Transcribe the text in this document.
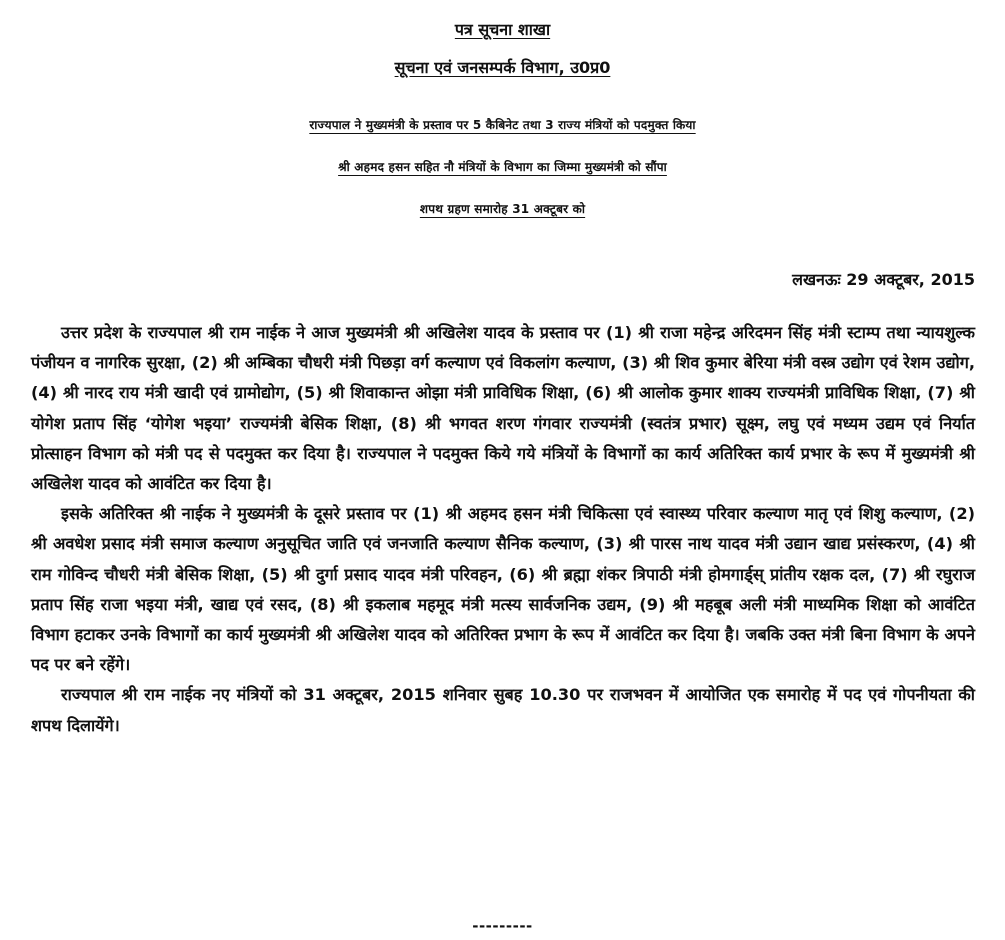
पत्र सूचना शाखा
सूचना एवं जनसम्पर्क विभाग, उ0प्र0
राज्यपाल ने मुख्यमंत्री के प्रस्ताव पर 5 कैबिनेट तथा 3 राज्य मंत्रियों को पदमुक्त किया
श्री अहमद हसन सहित नौ मंत्रियों के विभाग का जिम्मा मुख्यमंत्री को सौंपा
शपथ ग्रहण समारोह 31 अक्टूबर को
लखनऊः 29 अक्टूबर, 2015

उत्तर प्रदेश के राज्यपाल श्री राम नाईक ने आज मुख्यमंत्री श्री अखिलेश यादव के प्रस्ताव पर (1) श्री राजा महेन्द्र अरिदमन सिंह मंत्री स्टाम्प तथा न्यायशुल्क पंजीयन व नागरिक सुरक्षा, (2) श्री अम्बिका चौधरी मंत्री पिछड़ा वर्ग कल्याण एवं विकलांग कल्याण, (3) श्री शिव कुमार बेरिया मंत्री वस्त्र उद्योग एवं रेशम उद्योग, (4) श्री नारद राय मंत्री खादी एवं ग्रामोद्योग, (5) श्री शिवाकान्त ओझा मंत्री प्राविधिक शिक्षा, (6) श्री आलोक कुमार शाक्य राज्यमंत्री प्राविधिक शिक्षा, (7) श्री योगेश प्रताप सिंह ‘योगेश भइया’ राज्यमंत्री बेसिक शिक्षा, (8) श्री भगवत शरण गंगवार राज्यमंत्री (स्वतंत्र प्रभार) सूक्ष्म, लघु एवं मध्यम उद्यम एवं निर्यात प्रोत्साहन विभाग को मंत्री पद से पदमुक्त कर दिया है। राज्यपाल ने पदमुक्त किये गये मंत्रियों के विभागों का कार्य अतिरिक्त कार्य प्रभार के रूप में मुख्यमंत्री श्री अखिलेश यादव को आवंटित कर दिया है।

इसके अतिरिक्त श्री नाईक ने मुख्यमंत्री के दूसरे प्रस्ताव पर (1) श्री अहमद हसन मंत्री चिकित्सा एवं स्वास्थ्य परिवार कल्याण मातृ एवं शिशु कल्याण, (2) श्री अवधेश प्रसाद मंत्री समाज कल्याण अनुसूचित जाति एवं जनजाति कल्याण सैनिक कल्याण, (3) श्री पारस नाथ यादव मंत्री उद्यान खाद्य प्रसंस्करण, (4) श्री राम गोविन्द चौधरी मंत्री बेसिक शिक्षा, (5) श्री दुर्गा प्रसाद यादव मंत्री परिवहन, (6) श्री ब्रह्मा शंकर त्रिपाठी मंत्री होमगार्ड्स् प्रांतीय रक्षक दल, (7) श्री रघुराज प्रताप सिंह राजा भइया मंत्री, खाद्य एवं रसद, (8) श्री इकलाब महमूद मंत्री मत्स्य सार्वजनिक उद्यम, (9) श्री महबूब अली मंत्री माध्यमिक शिक्षा को आवंटित विभाग हटाकर उनके विभागों का कार्य मुख्यमंत्री श्री अखिलेश यादव को अतिरिक्त प्रभाग के रूप में आवंटित कर दिया है। जबकि उक्त मंत्री बिना विभाग के अपने पद पर बने रहेंगे।

राज्यपाल श्री राम नाईक नए मंत्रियों को 31 अक्टूबर, 2015 शनिवार सुबह 10.30 पर राजभवन में आयोजित एक समारोह में पद एवं गोपनीयता की शपथ दिलायेंगे।

---------
